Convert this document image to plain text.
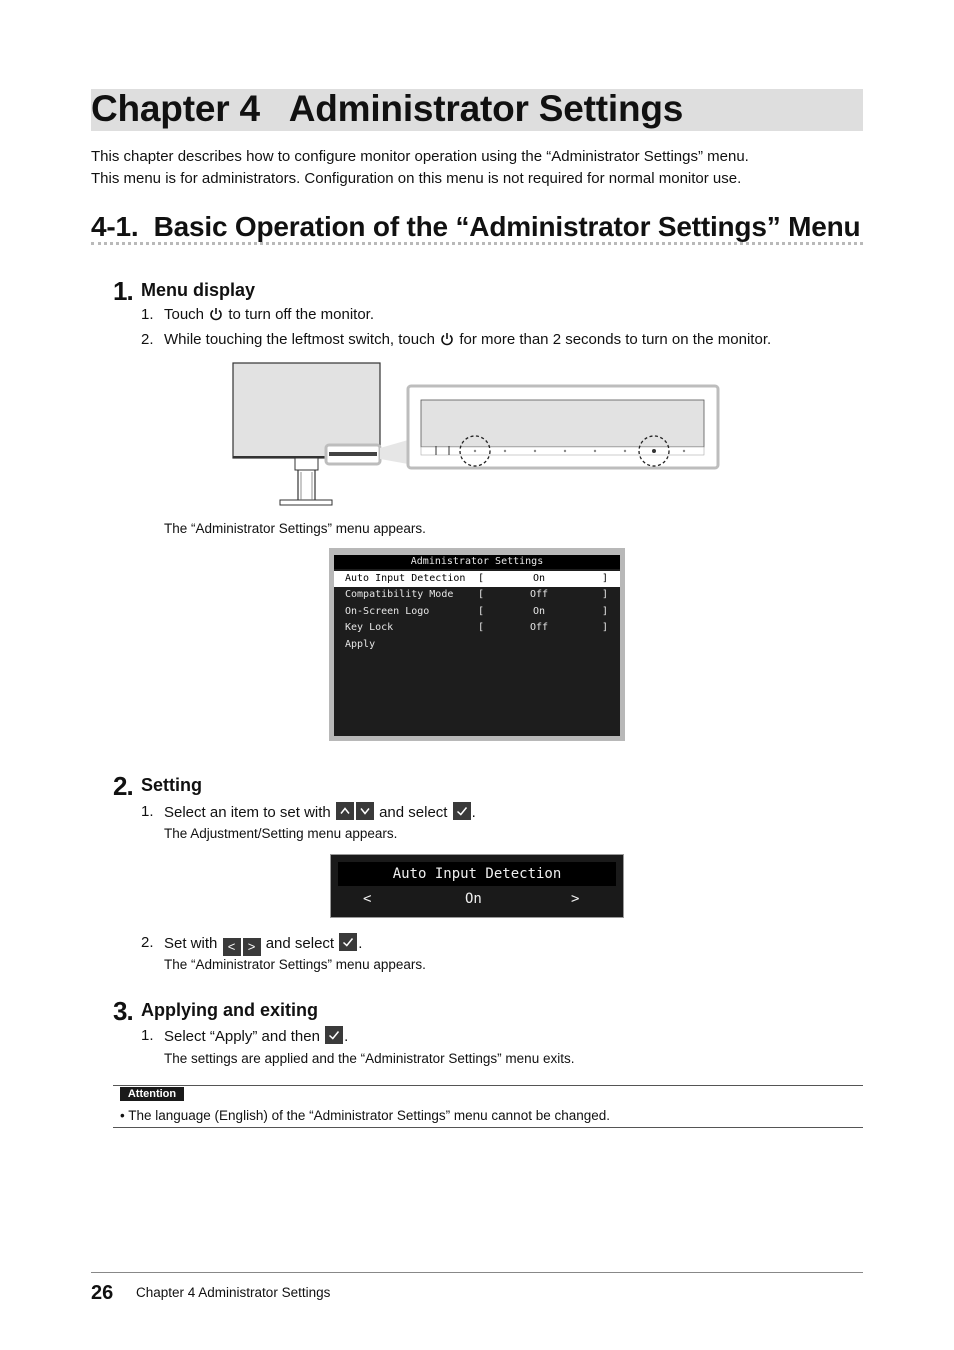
Chapter 4   Administrator Settings
This chapter describes how to configure monitor operation using the “Administrator Settings” menu.
This menu is for administrators. Configuration on this menu is not required for normal monitor use.
4-1.  Basic Operation of the “Administrator Settings” Menu
1. Menu display
1. Touch to turn off the monitor.
2. While touching the leftmost switch, touch for more than 2 seconds to turn on the monitor.
The “Administrator Settings” menu appears.
Administrator Settings
Auto Input Detection [	On	]
Compatibility Mode [	Off	]
On-Screen Logo	[	On	]
Key Lock	[	Off	]
Apply
2. Setting
1. Select an item to set with	and select .
The Adjustment/Setting menu appears.
Auto Input Detection
<	On	>
2. Set with < > and select .
The “Administrator Settings” menu appears.
3. Applying and exiting
1. Select “Apply” and then .
The settings are applied and the “Administrator Settings” menu exits.
Attention
• The language (English) of the “Administrator Settings” menu cannot be changed.
26 Chapter 4 Administrator Settings
